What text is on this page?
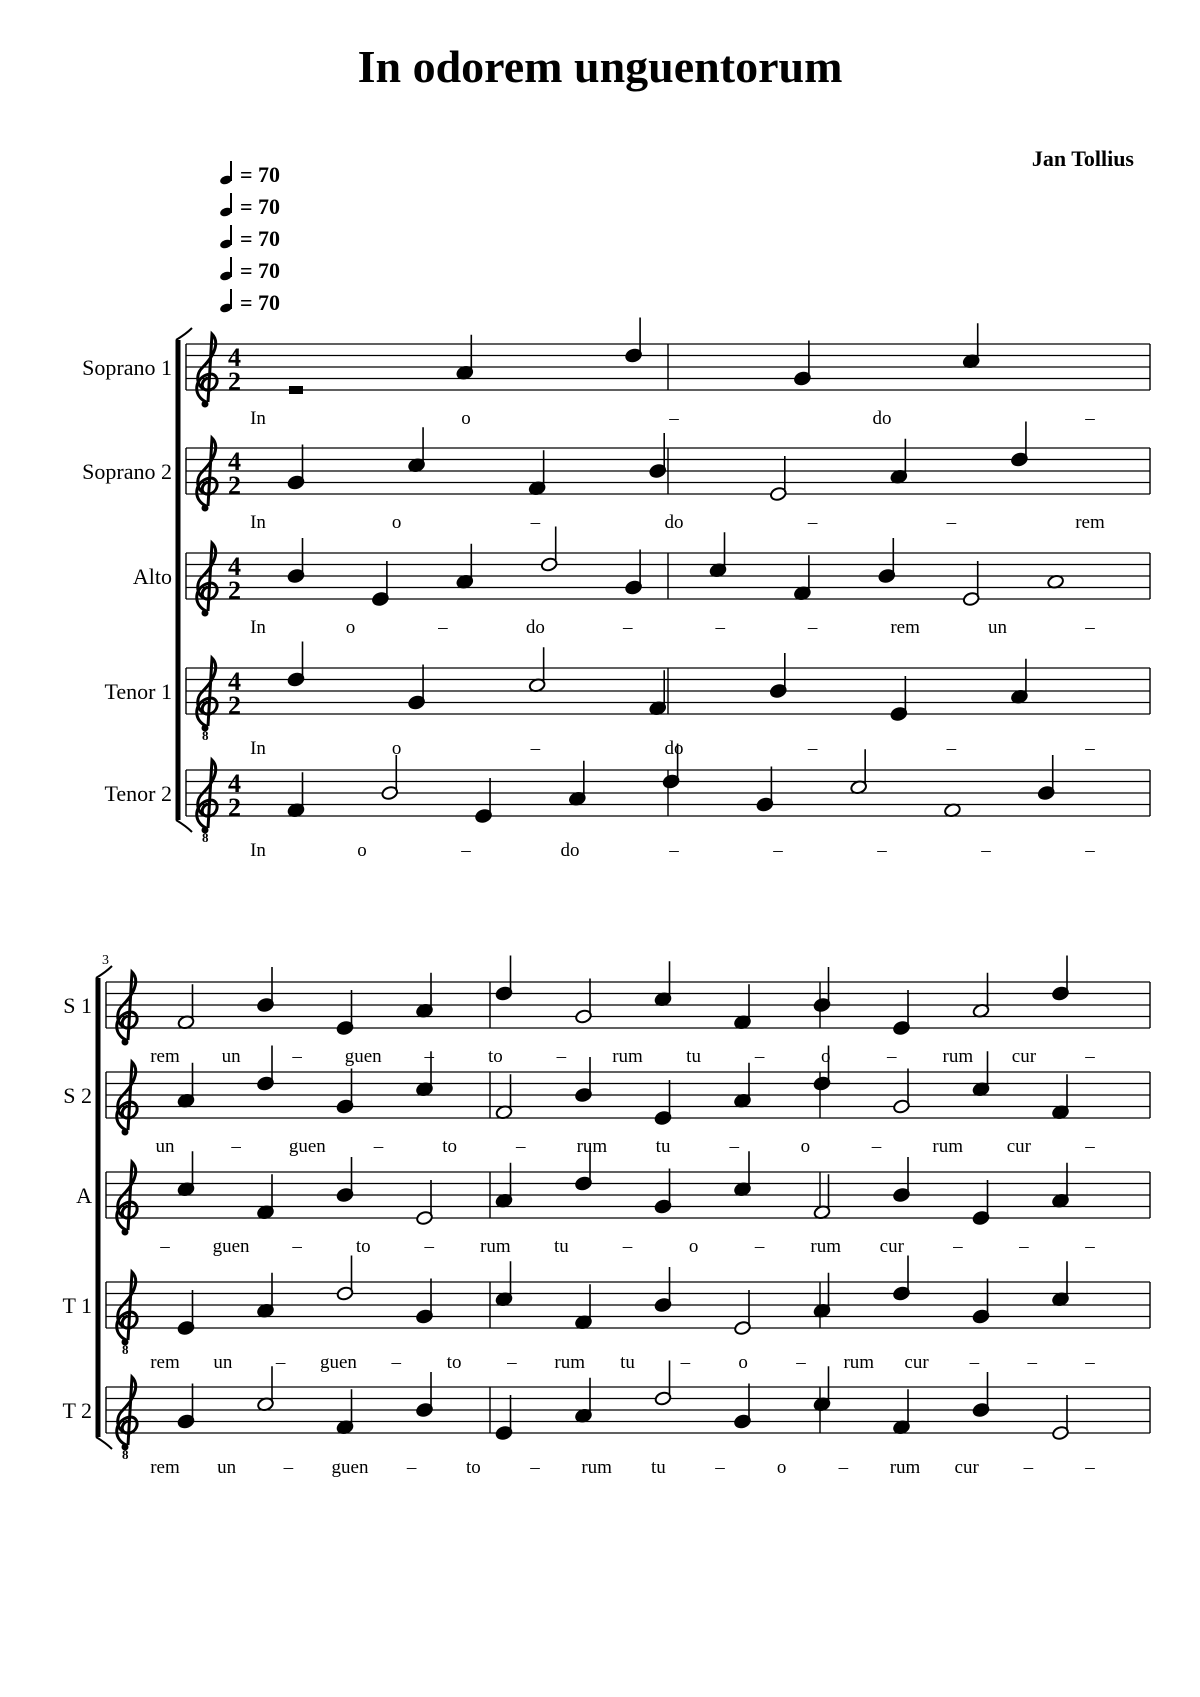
In odorem unguentorum
Jan Tollius
= 70
= 70
= 70
= 70
= 70
Soprano 1 4
2
In	o	–	do	–
Soprano 2 4
2
In	o	–	do	–	–	rem
Alto 4
2
In	o	–	do	–	–	–	rem	un	–
Tenor 1
8
4
2
In	o	–	do	–	–	–
Tenor 2
8
4
2
In	o	–	do	–	–	–	–	–
3
S 1
rem un	– guen –	to	– rum tu	–	o	– rum cur	–
S 2
un	–	guen	–	to	–	rum	tu	–	o	–	rum cur	–
A
– guen –	to	– rum tu	–	o	– rum cur	–	–	–
T 1
8
rem un – guen – to – rum tu –	o	– rum cur –	–	–
T 2
8
rem un – guen –	to	– rum tu	–	o	– rum cur –	–
